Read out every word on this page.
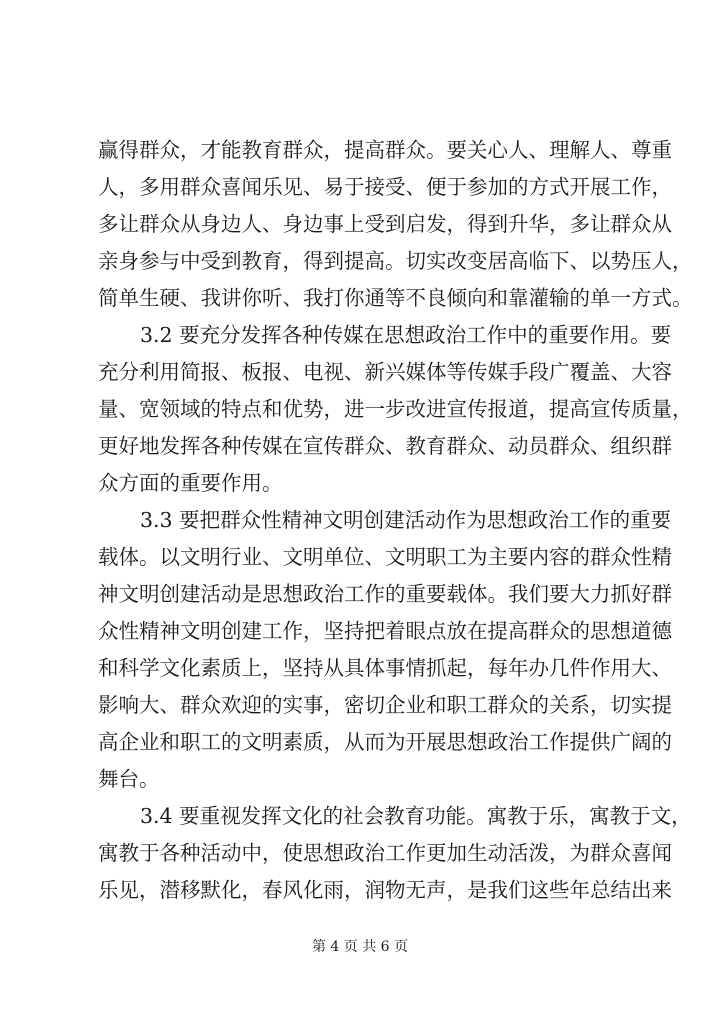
赢得群众，才能教育群众，提高群众。要关心人、理解人、尊重
人，多用群众喜闻乐见、易于接受、便于参加的方式开展工作，
多让群众从身边人、身边事上受到启发，得到升华，多让群众从
亲身参与中受到教育，得到提高。切实改变居高临下、以势压人，
简单生硬、我讲你听、我打你通等不良倾向和靠灌输的单一方式。
3.2 要充分发挥各种传媒在思想政治工作中的重要作用。要
充分利用简报、板报、电视、新兴媒体等传媒手段广覆盖、大容
量、宽领域的特点和优势，进一步改进宣传报道，提高宣传质量，
更好地发挥各种传媒在宣传群众、教育群众、动员群众、组织群
众方面的重要作用。
3.3 要把群众性精神文明创建活动作为思想政治工作的重要
载体。以文明行业、文明单位、文明职工为主要内容的群众性精
神文明创建活动是思想政治工作的重要载体。我们要大力抓好群
众性精神文明创建工作，坚持把着眼点放在提高群众的思想道德
和科学文化素质上，坚持从具体事情抓起，每年办几件作用大、
影响大、群众欢迎的实事，密切企业和职工群众的关系，切实提
高企业和职工的文明素质，从而为开展思想政治工作提供广阔的
舞台。
3.4 要重视发挥文化的社会教育功能。寓教于乐，寓教于文，
寓教于各种活动中，使思想政治工作更加生动活泼，为群众喜闻
乐见，潜移默化，春风化雨，润物无声，是我们这些年总结出来
第 4 页 共 6 页
